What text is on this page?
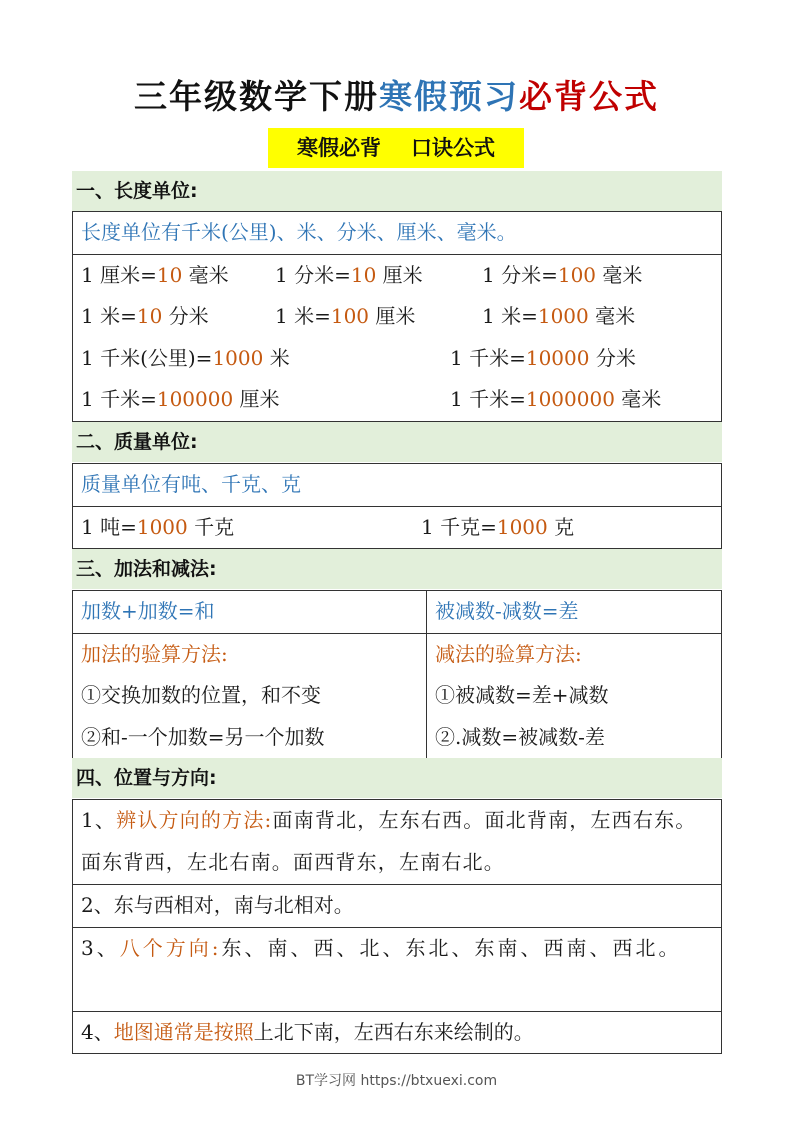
三年级数学下册寒假预习必背公式
寒假必背 口诀公式
一、长度单位:
长度单位有千米(公里)、米、分米、厘米、毫米。

1 厘米=10 毫米	1 分米=10 厘米	1 分米=100 毫米
1 米=10 分米	1 米=100 厘米	1 米=1000 毫米
1 千米(公里)=1000 米	1 千米=10000 分米
1 千米=100000 厘米	1 千米=1000000 毫米
二、质量单位:
质量单位有吨、千克、克

1 吨=1000 千克	1 千克=1000 克
三、加法和减法:
加数+加数=和	被减数-减数=差

加法的验算方法:
①交换加数的位置，和不变
②和-一个加数=另一个加数

减法的验算方法:
①被减数=差+减数
②.减数=被减数-差
四、位置与方向:
1、辨认方向的方法:面南背北，左东右西。面北背南，左西右东。面东背西，左北右南。面西背东，左南右北。
2、东与西相对，南与北相对。
3、八个方向:东、南、西、北、东北、东南、西南、西北。
4、地图通常是按照上北下南，左西右东来绘制的。
BT学习网 https://btxuexi.com
